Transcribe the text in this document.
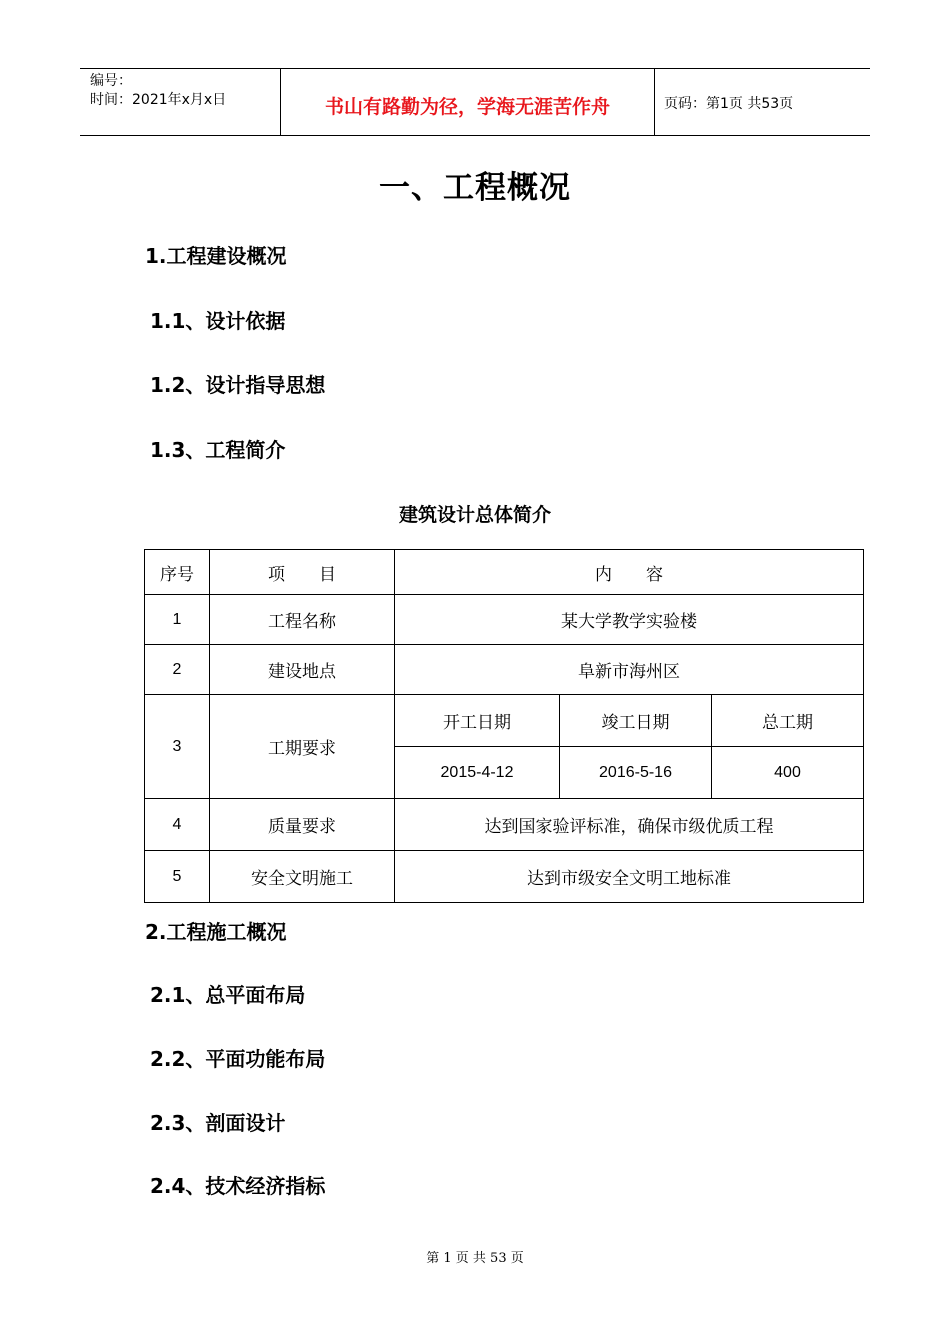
编号：
时间：2021年x月x日	书山有路勤为径，学海无涯苦作舟	页码：第1页 共53页
一、工程概况
1.工程建设概况
1.1、设计依据
1.2、设计指导思想
1.3、工程简介
建筑设计总体简介
序号	项　　目	内　　容		
1	工程名称	某大学教学实验楼		
2	建设地点	阜新市海州区		
3	工期要求	开工日期	竣工日期	总工期
		2015-4-12	2016-5-16	400
4	质量要求	达到国家验评标准，确保市级优质工程		
5	安全文明施工	达到市级安全文明工地标准		
2.工程施工概况
2.1、总平面布局
2.2、平面功能布局
2.3、剖面设计
2.4、技术经济指标
第 1 页 共 53 页
